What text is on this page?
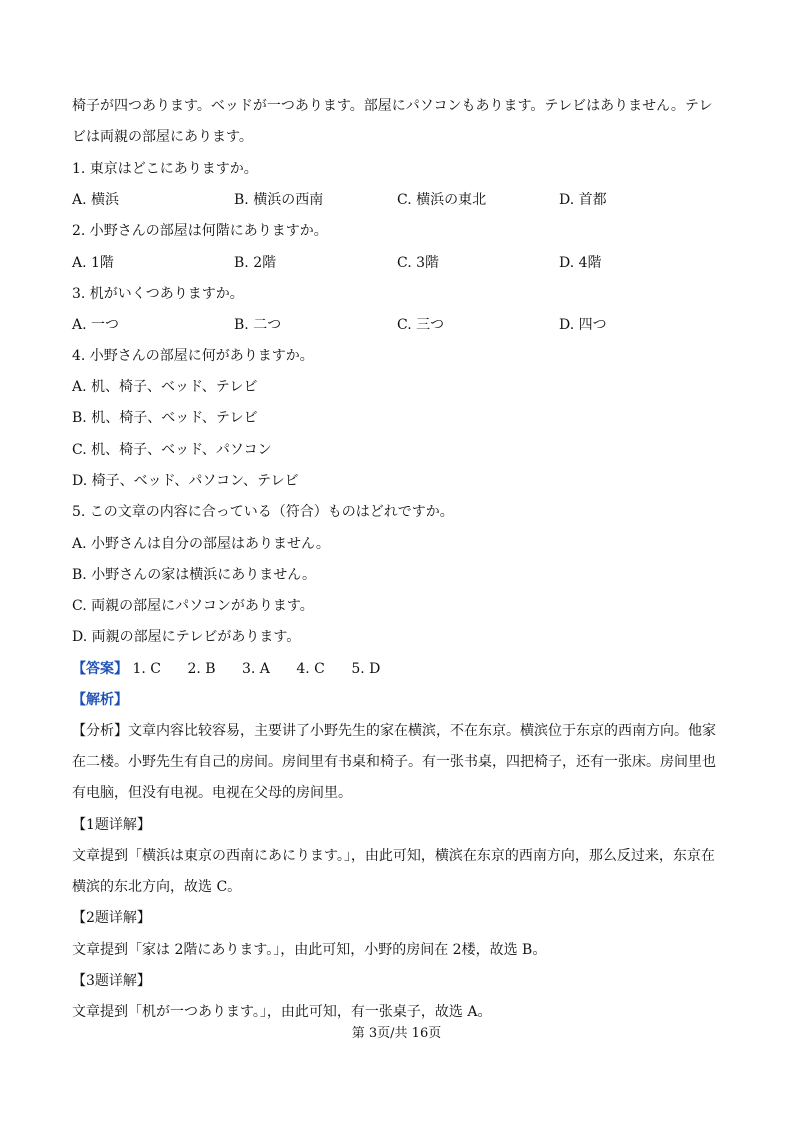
椅子が四つあります。ベッドが一つあります。部屋にパソコンもあります。テレビはありません。テレ
ビは両親の部屋にあります。
1. 東京はどこにありますか。
A. 横浜	B. 横浜の西南	C. 横浜の東北	D. 首都
2. 小野さんの部屋は何階にありますか。
A. 1階	B. 2階	C. 3階	D. 4階
3. 机がいくつありますか。
A. 一つ	B. 二つ	C. 三つ	D. 四つ
4. 小野さんの部屋に何がありますか。
A. 机、椅子、ベッド、テレビ
B. 机、椅子、ベッド、テレビ
C. 机、椅子、ベッド、パソコン
D. 椅子、ベッド、パソコン、テレビ
5. この文章の内容に合っている（符合）ものはどれですか。
A. 小野さんは自分の部屋はありません。
B. 小野さんの家は横浜にありません。
C. 両親の部屋にパソコンがあります。
D. 両親の部屋にテレビがあります。
【答案】 1. C 2. B 3. A 4. C 5. D
【解析】
【分析】文章内容比较容易，主要讲了小野先生的家在横滨，不在东京。横滨位于东京的西南方向。他家
在二楼。小野先生有自己的房间。房间里有书桌和椅子。有一张书桌，四把椅子，还有一张床。房间里也
有电脑，但没有电视。电视在父母的房间里。
【1题详解】
文章提到「横浜は東京の西南にあにります。」，由此可知，横滨在东京的西南方向，那么反过来，东京在
横滨的东北方向，故选 C。
【2题详解】
文章提到「家は 2階にあります。」，由此可知，小野的房间在 2楼，故选 B。
【3题详解】
文章提到「机が一つあります。」，由此可知，有一张桌子，故选 A。
第 3页/共 16页
